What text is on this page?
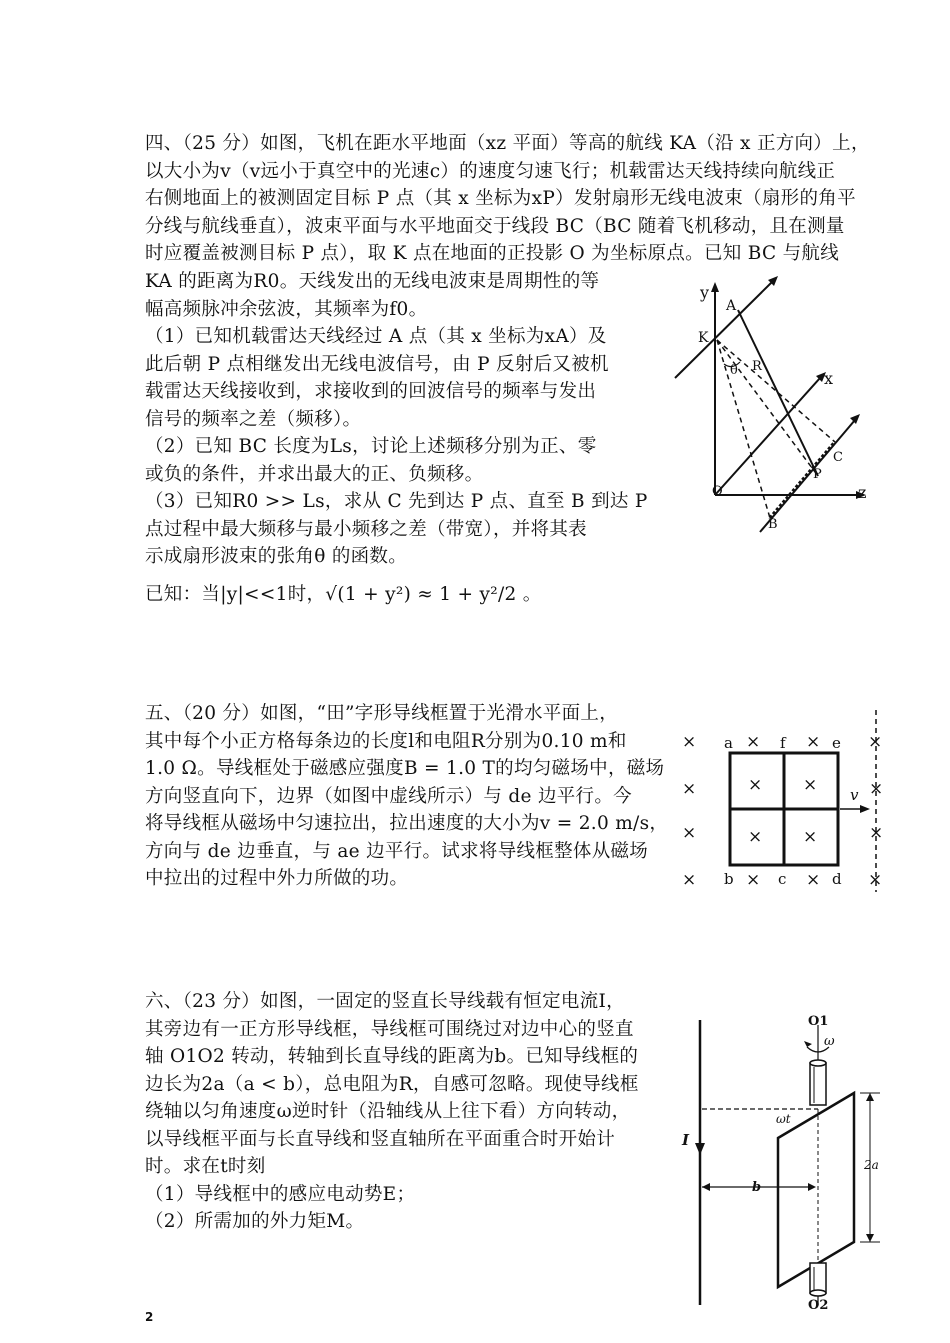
四、（25 分）如图，飞机在距水平地面（xz 平面）等高的航线 KA（沿 x 正方向）上，
以大小为v（v远小于真空中的光速c）的速度匀速飞行；机载雷达天线持续向航线正
右侧地面上的被测固定目标 P 点（其 x 坐标为xP）发射扇形无线电波束（扇形的角平
分线与航线垂直），波束平面与水平地面交于线段 BC（BC 随着飞机移动，且在测量
时应覆盖被测目标 P 点），取 K 点在地面的正投影 O 为坐标原点。已知 BC 与航线
KA 的距离为R0。天线发出的无线电波束是周期性的等
幅高频脉冲余弦波，其频率为f0。
（1）已知机载雷达天线经过 A 点（其 x 坐标为xA）及
此后朝 P 点相继发出无线电波信号，由 P 反射后又被机
载雷达天线接收到，求接收到的回波信号的频率与发出
信号的频率之差（频移）。
（2）已知 BC 长度为Ls，讨论上述频移分别为正、零
或负的条件，并求出最大的正、负频移。
（3）已知R0 >> Ls，求从 C 先到达 P 点、直至 B 到达 P
点过程中最大频移与最小频移之差（带宽），并将其表
示成扇形波束的张角θ 的函数。
已知：当|y|<<1时，√(1 + y²) ≈ 1 + y²/2 。
y
A
K
θ R
x
C
P
O	z
B
五、（20 分）如图，“田”字形导线框置于光滑水平面上，
其中每个小正方格每条边的长度l和电阻R分别为0.10 m和
1.0 Ω。导线框处于磁感应强度B = 1.0 T的均匀磁场中，磁场
方向竖直向下，边界（如图中虚线所示）与 de 边平行。今
将导线框从磁场中匀速拉出，拉出速度的大小为v = 2.0 m/s，
方向与 de 边垂直，与 ae 边平行。试求将导线框整体从磁场
中拉出的过程中外力所做的功。
×
×
×
×
a × f × e ×
× ×
× ×
v ×
×
b × c × d ×
六、（23 分）如图，一固定的竖直长导线载有恒定电流I，
其旁边有一正方形导线框，导线框可围绕过对边中心的竖直
轴 O1O2 转动，转轴到长直导线的距离为b。已知导线框的
边长为2a（a < b），总电阻为R，自感可忽略。现使导线框
绕轴以匀角速度ω逆时针（沿轴线从上往下看）方向转动，
以导线框平面与长直导线和竖直轴所在平面重合时开始计
时。求在t时刻
（1）导线框中的感应电动势E；
（2）所需加的外力矩M。
O1
ω
ωt
I
b
2a
O2
2
